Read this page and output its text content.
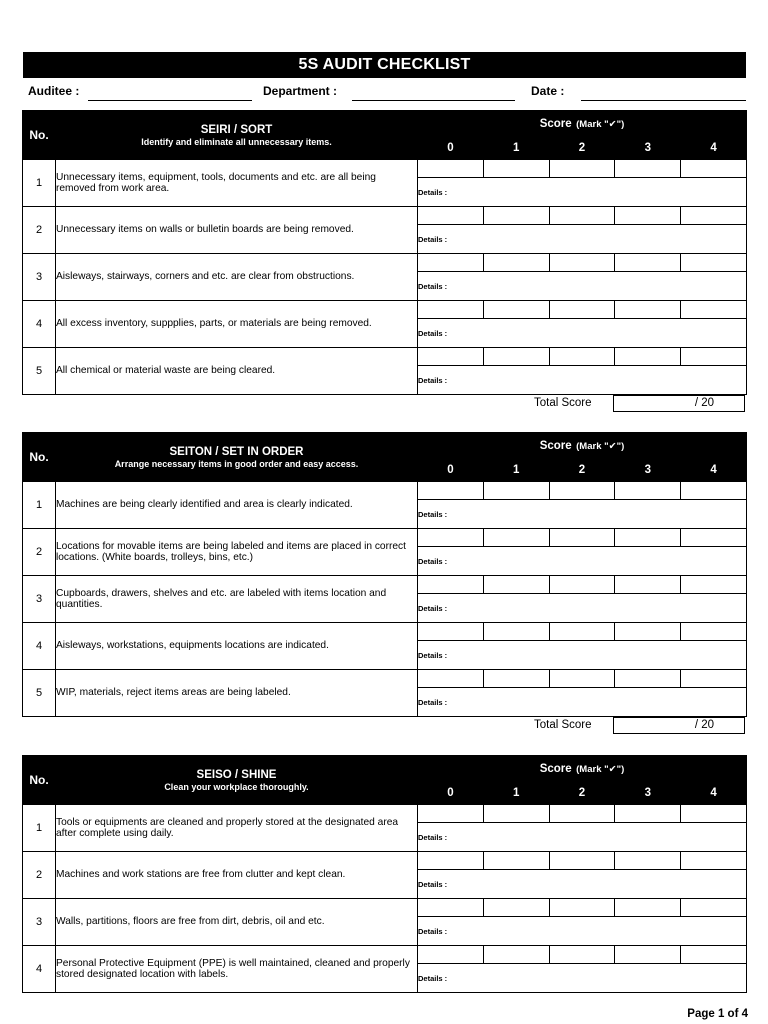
5S AUDIT CHECKLIST
Auditee :	Department :	Date :
No.	SEIRI / SORT
Identify and eliminate all unnecessary items.	Score (Mark "✔")				
		0	1	2	3	4
1	Unnecessary items, equipment, tools, documents and etc. are all being removed from work area.					
		Details :				
2	Unnecessary items on walls or bulletin boards are being removed.					
		Details :				
3	Aisleways, stairways, corners and etc. are clear from obstructions.					
		Details :				
4	All excess inventory, suppplies, parts, or materials are being removed.					
		Details :				
5	All chemical or material waste are being cleared.					
		Details :				
Total Score	/ 20
No.	SEITON / SET IN ORDER
Arrange necessary items in good order and easy access.	Score (Mark "✔")				
		0	1	2	3	4
1	Machines are being clearly identified and area is clearly indicated.					
		Details :				
2	Locations for movable items are being labeled and items are placed in correct locations. (White boards, trolleys, bins, etc.)					
		Details :				
3	Cupboards, drawers, shelves and etc. are labeled with items location and quantities.					
		Details :				
4	Aisleways, workstations, equipments locations are indicated.					
		Details :				
5	WIP, materials, reject items areas are being labeled.					
		Details :				
Total Score	/ 20
No.	SEISO / SHINE
Clean your workplace thoroughly.	Score (Mark "✔")				
		0	1	2	3	4
1	Tools or equipments are cleaned and properly stored at the designated area after complete using daily.					
		Details :				
2	Machines and work stations are free from clutter and kept clean.					
		Details :				
3	Walls, partitions, floors are free from dirt, debris, oil and etc.					
		Details :				
4	Personal Protective Equipment (PPE) is well maintained, cleaned and properly stored designated location with labels.					
		Details :				
Page 1 of 4
